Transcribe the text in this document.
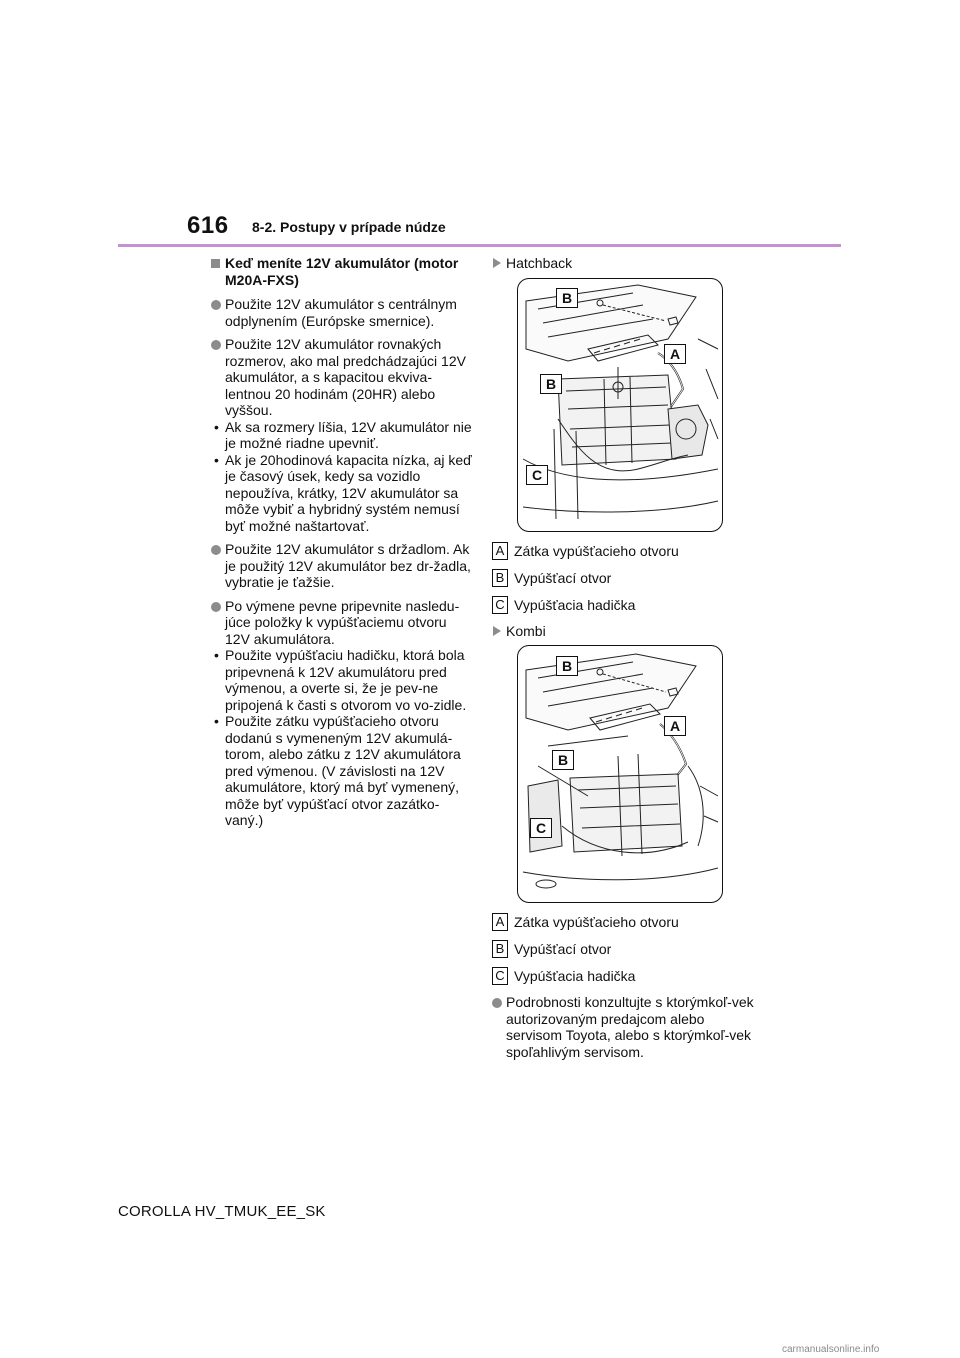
616 8-2. Postupy v prípade núdze
Keď meníte 12V akumulátor (motor M20A-FXS)
Použite 12V akumulátor s centrálnym odplynením (Európske smernice).
Použite 12V akumulátor rovnakých rozmerov, ako mal predchádzajúci 12V akumulátor, a s kapacitou ekviva-lentnou 20 hodinám (20HR) alebo vyššou.
• Ak sa rozmery líšia, 12V akumulátor nie je možné riadne upevniť.
• Ak je 20hodinová kapacita nízka, aj keď je časový úsek, kedy sa vozidlo nepoužíva, krátky, 12V akumulátor sa môže vybiť a hybridný systém nemusí byť možné naštartovať.
Použite 12V akumulátor s držadlom. Ak je použitý 12V akumulátor bez dr-žadla, vybratie je ťažšie.
Po výmene pevne pripevnite nasledu-júce položky k vypúšťaciemu otvoru 12V akumulátora.
• Použite vypúšťaciu hadičku, ktorá bola pripevnená k 12V akumulátoru pred výmenou, a overte si, že je pev-ne pripojená k časti s otvorom vo vo-zidle.
• Použite zátku vypúšťacieho otvoru dodanú s vymeneným 12V akumulá-torom, alebo zátku z 12V akumulátora pred výmenou. (V závislosti na 12V akumulátore, ktorý má byť vymenený, môže byť vypúšťací otvor zazátko-vaný.)
Hatchback
B
A
B
C
A Zátka vypúšťacieho otvoru
B Vypúšťací otvor
C Vypúšťacia hadička
Kombi
B
A
B
C
A Zátka vypúšťacieho otvoru
B Vypúšťací otvor
C Vypúšťacia hadička
Podrobnosti konzultujte s ktorýmkoľ-vek autorizovaným predajcom alebo servisom Toyota, alebo s ktorýmkoľ-vek spoľahlivým servisom.
COROLLA HV_TMUK_EE_SK
carmanualsonline.info
